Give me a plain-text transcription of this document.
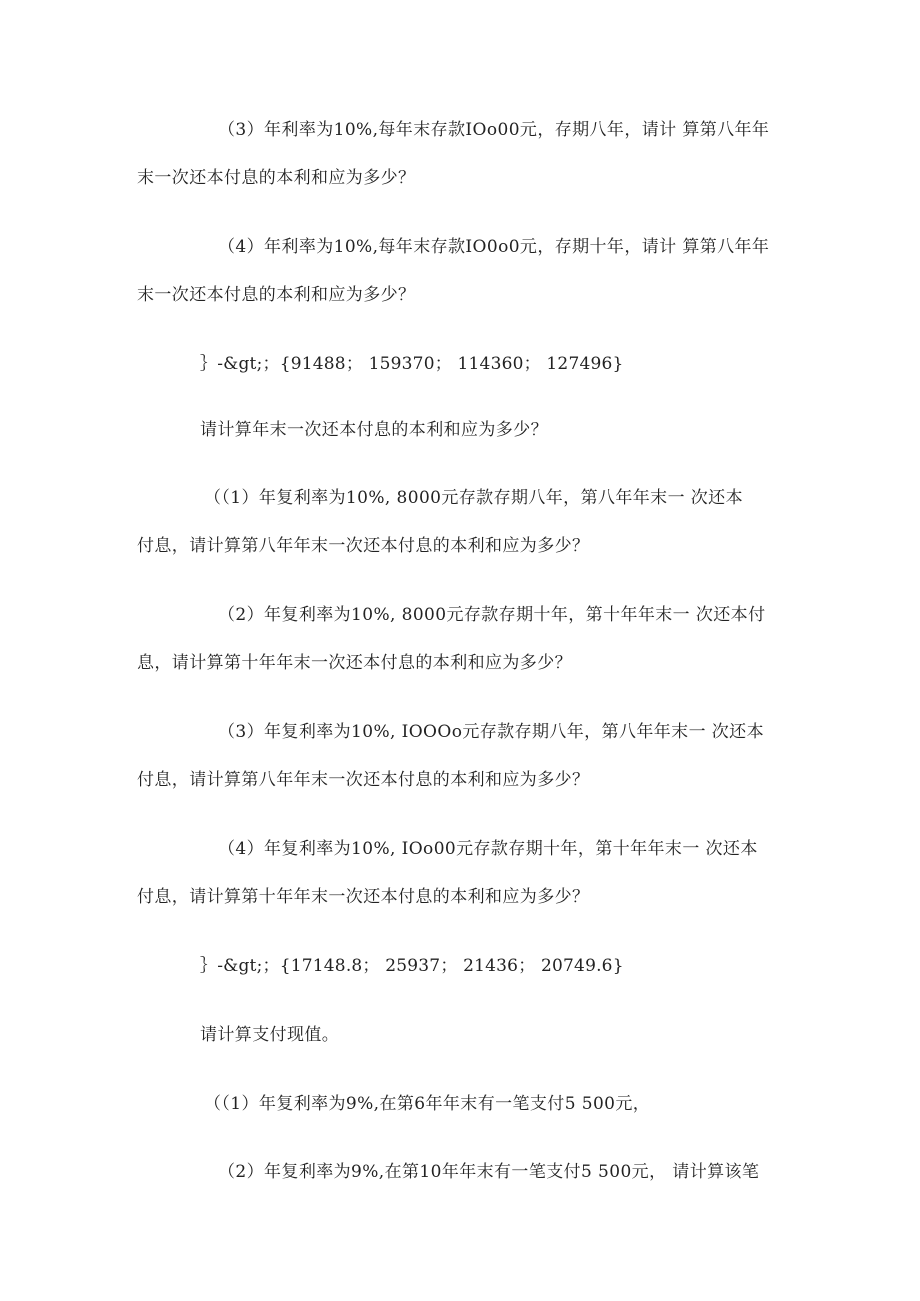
（3）年利率为10%,每年末存款IOo00元，存期八年，请计 算第八年年
末一次还本付息的本利和应为多少？
（4）年利率为10%,每年末存款IO0o0元，存期十年，请计 算第八年年
末一次还本付息的本利和应为多少？
｝-&gt;；{91488； 159370； 114360； 127496}
请计算年末一次还本付息的本利和应为多少？
（（1）年复利率为10%, 8000元存款存期八年，第八年年末一 次还本
付息，请计算第八年年末一次还本付息的本利和应为多少？
（2）年复利率为10%, 8000元存款存期十年，第十年年末一 次还本付
息，请计算第十年年末一次还本付息的本利和应为多少？
（3）年复利率为10%, IOOOo元存款存期八年，第八年年末一 次还本
付息，请计算第八年年末一次还本付息的本利和应为多少？
（4）年复利率为10%, IOo00元存款存期十年，第十年年末一 次还本
付息，请计算第十年年末一次还本付息的本利和应为多少？
｝-&gt;；{17148.8； 25937； 21436； 20749.6}
请计算支付现值。
（（1）年复利率为9%,在第6年年末有一笔支付5 500元，
（2）年复利率为9%,在第10年年末有一笔支付5 500元， 请计算该笔
